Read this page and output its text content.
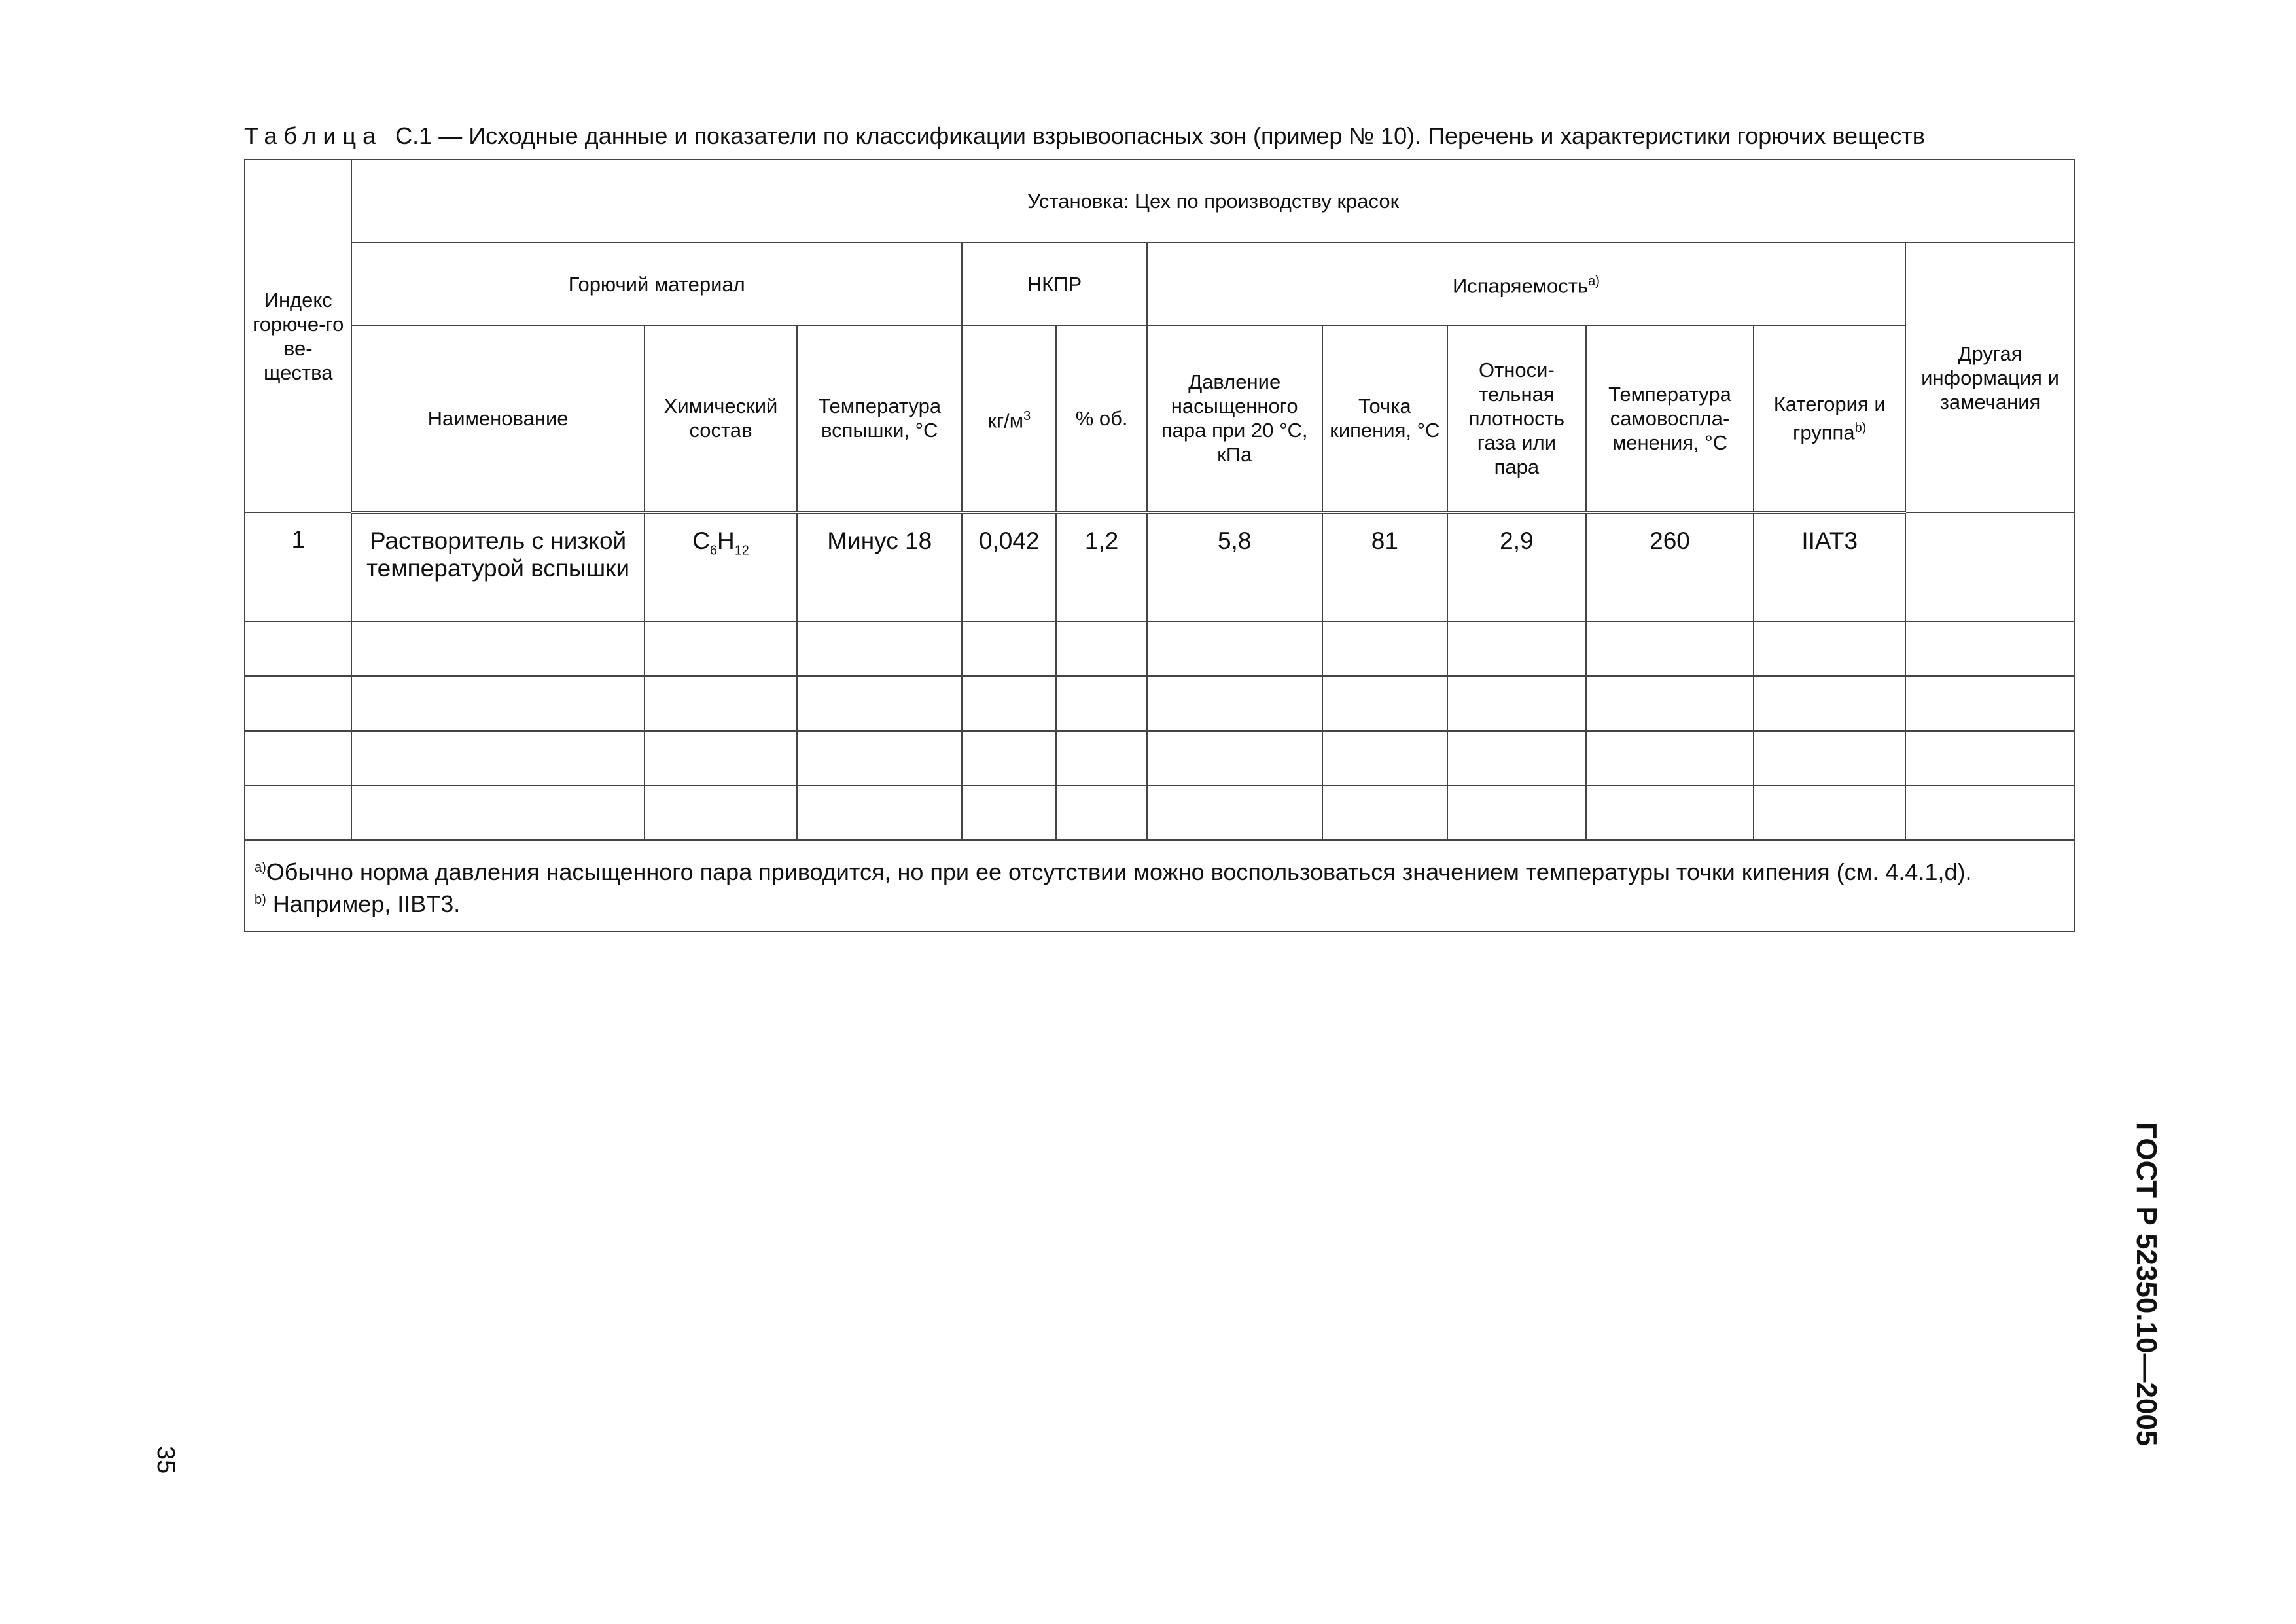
Таблица C.1 — Исходные данные и показатели по классификации взрывоопасных зон (пример № 10). Перечень и характеристики горючих веществ
Индекс горюче-го ве-щества	Установка: Цех по производству красок										
	Горючий материал			НКПР		Испаряемость$^{a)}$					Другая информация и замечания
	Наименование	Химический состав	Температура вспышки, °С	$кг/м^3$	% об.	Давление насыщенного пара при 20 °С, кПа	Точка кипения, °С	Относи-тельная плотность газа или пара	Температура самовоспла-менения, °С	Категория и группа$^{b)}$
1	Растворитель с низкой температурой вспышки	$C_6H_{12}$	Минус 18	0,042	1,2	5,8	81	2,9	260	IIAT3	

$^{a)}$Обычно норма давления насыщенного пара приводится, но при ее отсутствии можно воспользоваться значением температуры точки кипения (см. 4.4.1,d).
$^{b)}$ Например, IIBT3.											
ГОСТ Р 52350.10—2005
35
